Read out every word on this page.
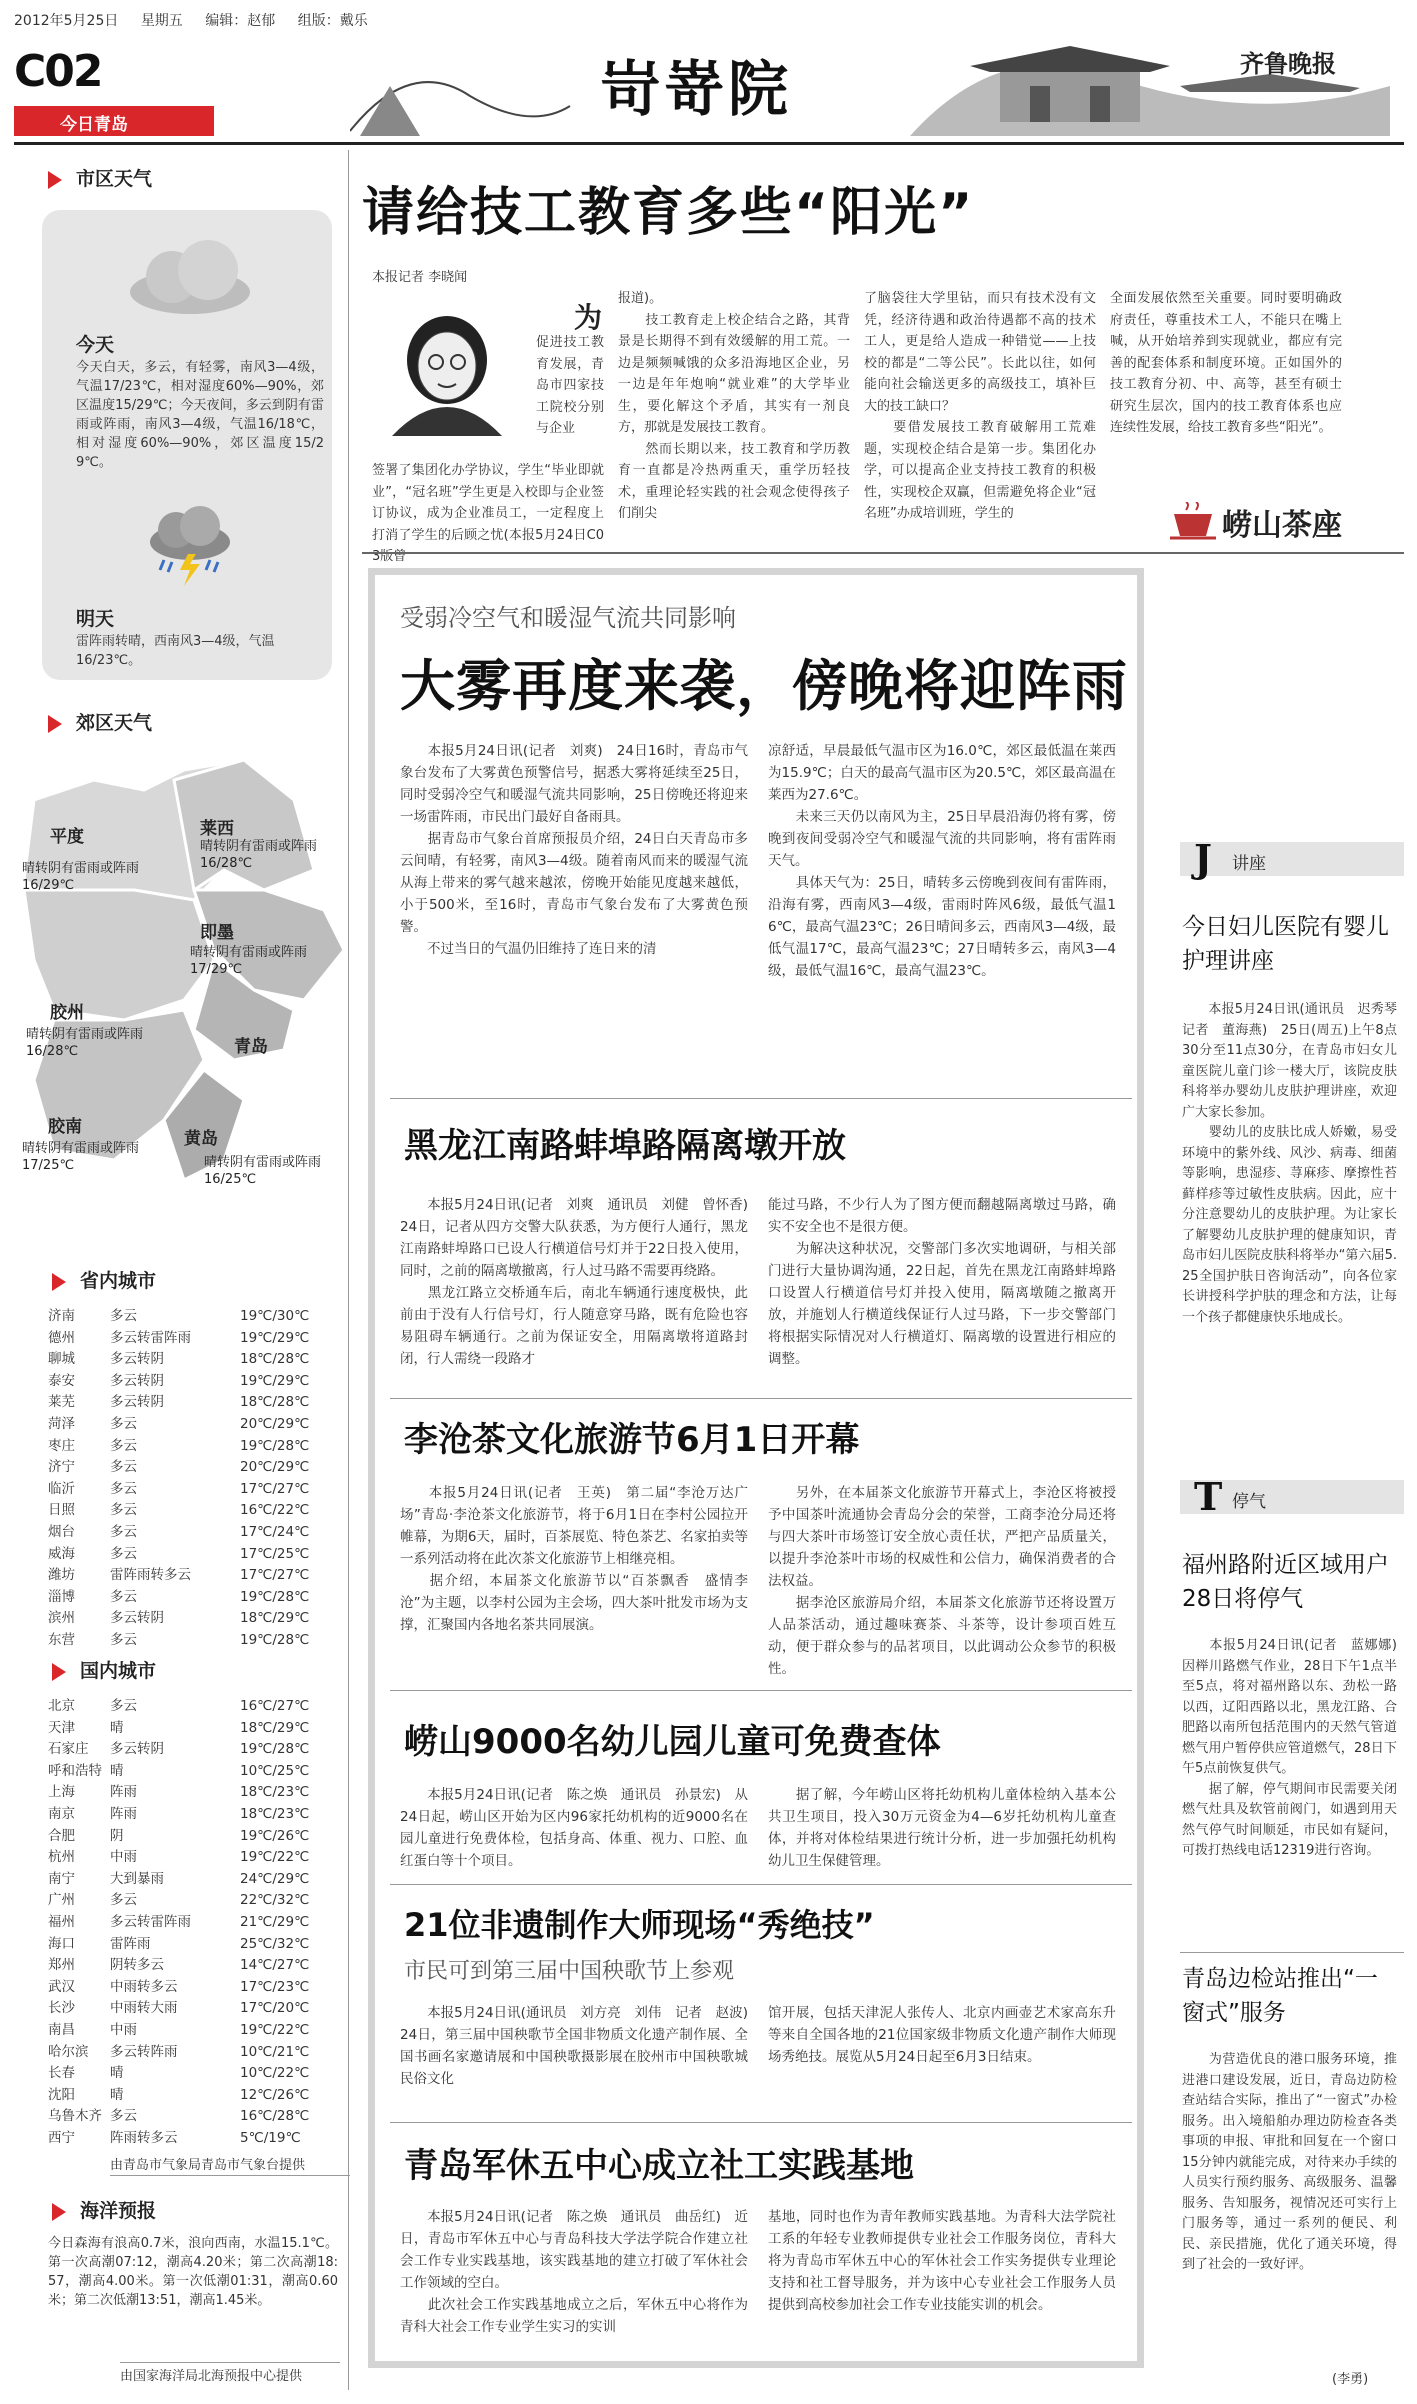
2012年5月25日 星期五 编辑：赵郁 组版：戴乐
C02
今日青岛	岢嵜院	齐鲁晚报
市区天气
今天
今天白天，多云，有轻雾，南风3—4级，气温17/23℃，相对湿度60%—90%，郊区温度15/29℃；今天夜间，多云到阴有雷雨或阵雨，南风3—4级，气温16/18℃，相对湿度60%—90%，郊区温度15/29℃。
明天
雷阵雨转晴，西南风3—4级，气温16/23℃。
郊区天气
平度
晴转阴有雷雨或阵雨 16/29℃
莱西
晴转阴有雷雨或阵雨 16/28℃
即墨
晴转阴有雷雨或阵雨 17/29℃
胶州
晴转阴有雷雨或阵雨 16/28℃	青岛
胶南
晴转阴有雷雨或阵雨 17/25℃
黄岛
晴转阴有雷雨或阵雨 16/25℃
省内城市
济南	多云	19℃/30℃
德州	多云转雷阵雨	19℃/29℃
聊城	多云转阴	18℃/28℃
泰安	多云转阴	19℃/29℃
莱芜	多云转阴	18℃/28℃
菏泽	多云	20℃/29℃
枣庄	多云	19℃/28℃
济宁	多云	20℃/29℃
临沂	多云	17℃/27℃
日照	多云	16℃/22℃
烟台	多云	17℃/24℃
威海	多云	17℃/25℃
潍坊	雷阵雨转多云	17℃/27℃
淄博	多云	19℃/28℃
滨州	多云转阴	18℃/29℃
东营	多云	19℃/28℃
国内城市
北京	多云	16℃/27℃
天津	晴	18℃/29℃
石家庄 多云转阴	19℃/28℃
呼和浩特 晴	10℃/25℃
上海	阵雨	18℃/23℃
南京	阵雨	18℃/23℃
合肥	阴	19℃/26℃
杭州	中雨	19℃/22℃
南宁	大到暴雨	24℃/29℃
广州	多云	22℃/32℃
福州	多云转雷阵雨	21℃/29℃
海口	雷阵雨	25℃/32℃
郑州	阴转多云	14℃/27℃
武汉	中雨转多云	17℃/23℃
长沙	中雨转大雨	17℃/20℃
南昌	中雨	19℃/22℃
哈尔滨 多云转阵雨	10℃/21℃
长春	晴	10℃/22℃
沈阳	晴	12℃/26℃
乌鲁木齐 多云	16℃/28℃
西宁	阵雨转多云	5℃/19℃
由青岛市气象局青岛市气象台提供
海洋预报
今日森海有浪高0.7米，浪向西南，水温15.1℃。第一次高潮07:12，潮高4.20米；第二次高潮18:57，潮高4.00米。第一次低潮01:31，潮高0.60米；第二次低潮13:51，潮高1.45米。
由国家海洋局北海预报中心提供
请给技工教育多些“阳光”
本报记者 李晓闻
为
促进技工教育发展，青岛市四家技工院校分别与企业
签署了集团化办学协议，学生“毕业即就业”，“冠名班”学生更是入校即与企业签订协议，成为企业准员工，一定程度上打消了学生的后顾之忧(本报5月24日C03版曾
报道)。
　　技工教育走上校企结合之路，其背景是长期得不到有效缓解的用工荒。一边是频频喊饿的众多沿海地区企业，另一边是年年炮响“就业难”的大学毕业生，要化解这个矛盾，其实有一剂良方，那就是发展技工教育。
　　然而长期以来，技工教育和学历教育一直都是冷热两重天，重学历轻技术，重理论轻实践的社会观念使得孩子们削尖
了脑袋往大学里钻，而只有技术没有文凭，经济待遇和政治待遇都不高的技术工人，更是给人造成一种错觉——上技校的都是“二等公民”。长此以往，如何能向社会输送更多的高级技工，填补巨大的技工缺口？
　　要借发展技工教育破解用工荒难题，实现校企结合是第一步。集团化办学，可以提高企业支持技工教育的积极性，实现校企双赢，但需避免将企业“冠名班”办成培训班，学生的
全面发展依然至关重要。同时要明确政府责任，尊重技术工人，不能只在嘴上喊，从开始培养到实现就业，都应有完善的配套体系和制度环境。正如国外的技工教育分初、中、高等，甚至有硕士研究生层次，国内的技工教育体系也应连续性发展，给技工教育多些“阳光”。
崂山茶座
受弱冷空气和暖湿气流共同影响
大雾再度来袭，傍晚将迎阵雨
　　本报5月24日讯(记者　刘爽)　24日16时，青岛市气象台发布了大雾黄色预警信号，据悉大雾将延续至25日，同时受弱冷空气和暖湿气流共同影响，25日傍晚还将迎来一场雷阵雨，市民出门最好自备雨具。
　　据青岛市气象台首席预报员介绍，24日白天青岛市多云间晴，有轻雾，南风3—4级。随着南风而来的暖湿气流从海上带来的雾气越来越浓，傍晚开始能见度越来越低，小于500米，至16时，青岛市气象台发布了大雾黄色预警。
　　不过当日的气温仍旧维持了连日来的清
凉舒适，早晨最低气温市区为16.0℃，郊区最低温在莱西为15.9℃；白天的最高气温市区为20.5℃，郊区最高温在莱西为27.6℃。
　　未来三天仍以南风为主，25日早晨沿海仍将有雾，傍晚到夜间受弱冷空气和暖湿气流的共同影响，将有雷阵雨天气。
　　具体天气为：25日，晴转多云傍晚到夜间有雷阵雨，沿海有雾，西南风3—4级，雷雨时阵风6级，最低气温16℃，最高气温23℃；26日晴间多云，西南风3—4级，最低气温17℃，最高气温23℃；27日晴转多云，南风3—4级，最低气温16℃，最高气温23℃。
黑龙江南路蚌埠路隔离墩开放
　　本报5月24日讯(记者　刘爽　通讯员　刘健　曾怀香)　24日，记者从四方交警大队获悉，为方便行人通行，黑龙江南路蚌埠路口已设人行横道信号灯并于22日投入使用，同时，之前的隔离墩撤离，行人过马路不需要再绕路。
　　黑龙江路立交桥通车后，南北车辆通行速度极快，此前由于没有人行信号灯，行人随意穿马路，既有危险也容易阻碍车辆通行。之前为保证安全，用隔离墩将道路封闭，行人需绕一段路才
能过马路，不少行人为了图方便而翻越隔离墩过马路，确实不安全也不是很方便。
　　为解决这种状况，交警部门多次实地调研，与相关部门进行大量协调沟通，22日起，首先在黑龙江南路蚌埠路口设置人行横道信号灯并投入使用，隔离墩随之撤离开放，并施划人行横道线保证行人过马路，下一步交警部门将根据实际情况对人行横道灯、隔离墩的设置进行相应的调整。
李沧茶文化旅游节6月1日开幕
　　本报5月24日讯(记者　王英)　第二届“李沧万达广场”青岛·李沧茶文化旅游节，将于6月1日在李村公园拉开帷幕，为期6天，届时，百茶展览、特色茶艺、名家拍卖等一系列活动将在此次茶文化旅游节上相继亮相。
　　据介绍，本届茶文化旅游节以“百茶飘香　盛情李沧”为主题，以李村公园为主会场，四大茶叶批发市场为支撑，汇聚国内各地名茶共同展演。
　　另外，在本届茶文化旅游节开幕式上，李沧区将被授予中国茶叶流通协会青岛分会的荣誉，工商李沧分局还将与四大茶叶市场签订安全放心责任状，严把产品质量关，以提升李沧茶叶市场的权威性和公信力，确保消费者的合法权益。
　　据李沧区旅游局介绍，本届茶文化旅游节还将设置万人品茶活动，通过趣味赛茶、斗茶等，设计参项百姓互动，便于群众参与的品茗项目，以此调动公众参节的积极性。
崂山9000名幼儿园儿童可免费查体
　　本报5月24日讯(记者　陈之焕　通讯员　孙景宏)　从24日起，崂山区开始为区内96家托幼机构的近9000名在园儿童进行免费体检，包括身高、体重、视力、口腔、血红蛋白等十个项目。
　　据了解，今年崂山区将托幼机构儿童体检纳入基本公共卫生项目，投入30万元资金为4—6岁托幼机构儿童查体，并将对体检结果进行统计分析，进一步加强托幼机构幼儿卫生保健管理。
21位非遗制作大师现场“秀绝技”
市民可到第三届中国秧歌节上参观
　　本报5月24日讯(通讯员　刘方亮　刘伟　记者　赵波)　24日，第三届中国秧歌节全国非物质文化遗产制作展、全国书画名家邀请展和中国秧歌摄影展在胶州市中国秧歌城民俗文化
馆开展，包括天津泥人张传人、北京内画壶艺术家高东升等来自全国各地的21位国家级非物质文化遗产制作大师现场秀绝技。展览从5月24日起至6月3日结束。
青岛军休五中心成立社工实践基地
　　本报5月24日讯(记者　陈之焕　通讯员　曲岳红)　近日，青岛市军休五中心与青岛科技大学法学院合作建立社会工作专业实践基地，该实践基地的建立打破了军休社会工作领域的空白。
　　此次社会工作实践基地成立之后，军休五中心将作为青科大社会工作专业学生实习的实训
基地，同时也作为青年教师实践基地。为青科大法学院社工系的年轻专业教师提供专业社会工作服务岗位，青科大将为青岛市军休五中心的军休社会工作实务提供专业理论支持和社工督导服务，并为该中心专业社会工作服务人员提供到高校参加社会工作专业技能实训的机会。
J 讲座
今日妇儿医院有婴儿护理讲座
　　本报5月24日讯(通讯员　迟秀琴　记者　董海燕)　25日(周五)上午8点30分至11点30分，在青岛市妇女儿童医院儿童门诊一楼大厅，该院皮肤科将举办婴幼儿皮肤护理讲座，欢迎广大家长参加。
　　婴幼儿的皮肤比成人娇嫩，易受环境中的紫外线、风沙、病毒、细菌等影响，患湿疹、荨麻疹、摩擦性苔藓样疹等过敏性皮肤病。因此，应十分注意婴幼儿的皮肤护理。为让家长了解婴幼儿皮肤护理的健康知识，青岛市妇儿医院皮肤科将举办“第六届5.25全国护肤日咨询活动”，向各位家长讲授科学护肤的理念和方法，让每一个孩子都健康快乐地成长。
T 停气
福州路附近区域用户28日将停气
　　本报5月24日讯(记者　蓝娜娜)　因榉川路燃气作业，28日下午1点半至5点，将对福州路以东、劲松一路以西，辽阳西路以北，黑龙江路、合肥路以南所包括范围内的天然气管道燃气用户暂停供应管道燃气，28日下午5点前恢复供气。
　　据了解，停气期间市民需要关闭燃气灶具及软管前阀门，如遇到用天然气停气时间顺延，市民如有疑问，可拨打热线电话12319进行咨询。
青岛边检站推出“一窗式”服务
　　为营造优良的港口服务环境，推进港口建设发展，近日，青岛边防检查站结合实际，推出了“一窗式”办检服务。出入境船舶办理边防检查各类事项的申报、审批和回复在一个窗口15分钟内就能完成，对待来办手续的人员实行预约服务、高级服务、温馨服务、告知服务，视情况还可实行上门服务等，通过一系列的便民、利民、亲民措施，优化了通关环境，得到了社会的一致好评。
(李勇)
